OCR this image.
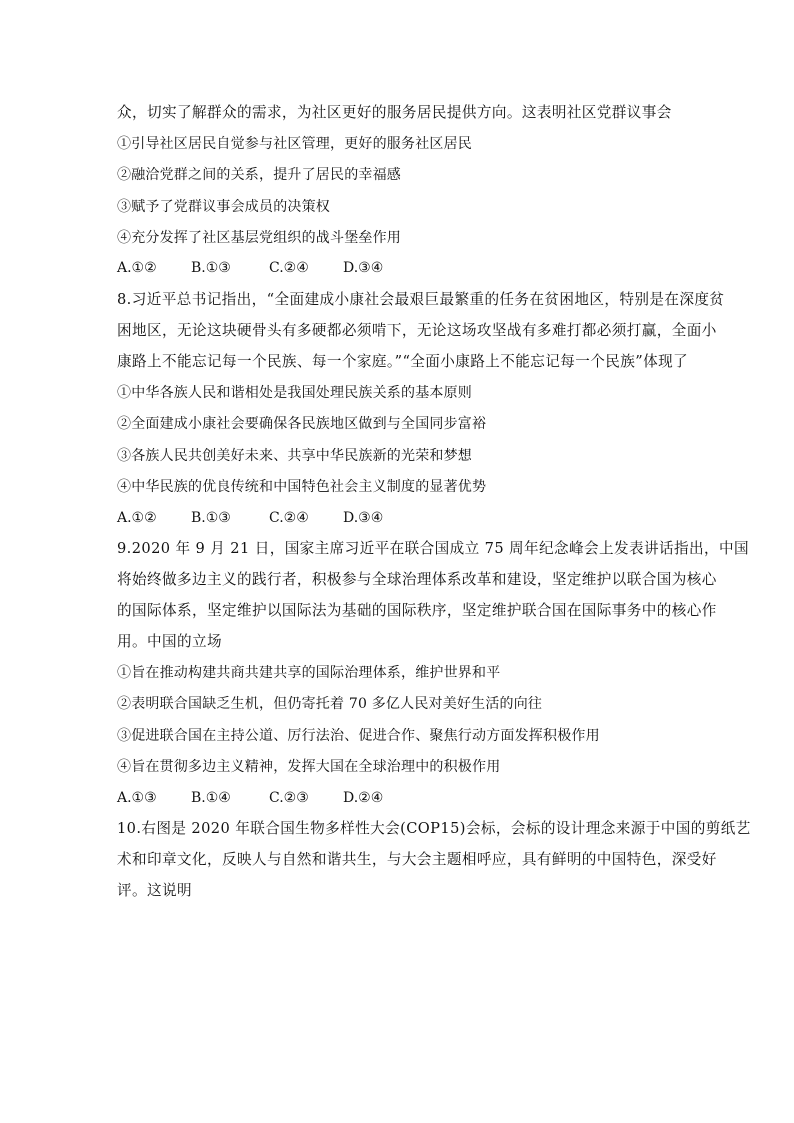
众，切实了解群众的需求，为社区更好的服务居民提供方向。这表明社区党群议事会
①引导社区居民自觉参与社区管理，更好的服务社区居民
②融洽党群之间的关系，提升了居民的幸福感
③赋予了党群议事会成员的决策权
④充分发挥了社区基层党组织的战斗堡垒作用
A.①② B.①③	C.②④ D.③④
8.习近平总书记指出，“全面建成小康社会最艰巨最繁重的任务在贫困地区，特别是在深度贫
困地区，无论这块硬骨头有多硬都必须啃下，无论这场攻坚战有多难打都必须打赢，全面小
康路上不能忘记每一个民族、每一个家庭。”“全面小康路上不能忘记每一个民族”体现了
①中华各族人民和谐相处是我国处理民族关系的基本原则
②全面建成小康社会要确保各民族地区做到与全国同步富裕
③各族人民共创美好未来、共享中华民族新的光荣和梦想
④中华民族的优良传统和中国特色社会主义制度的显著优势
A.①② B.①③	C.②④ D.③④
9.2020 年 9 月 21 日，国家主席习近平在联合国成立 75 周年纪念峰会上发表讲话指出，中国
将始终做多边主义的践行者，积极参与全球治理体系改革和建设，坚定维护以联合国为核心
的国际体系，坚定维护以国际法为基础的国际秩序，坚定维护联合国在国际事务中的核心作
用。中国的立场
①旨在推动构建共商共建共享的国际治理体系，维护世界和平
②表明联合国缺乏生机，但仍寄托着 70 多亿人民对美好生活的向往
③促进联合国在主持公道、厉行法治、促进合作、聚焦行动方面发挥积极作用
④旨在贯彻多边主义精神，发挥大国在全球治理中的积极作用
A.①③ B.①④	C.②③ D.②④
10.右图是 2020 年联合国生物多样性大会(COP15)会标，会标的设计理念来源于中国的剪纸艺
术和印章文化，反映人与自然和谐共生，与大会主题相呼应，具有鲜明的中国特色，深受好
评。这说明
